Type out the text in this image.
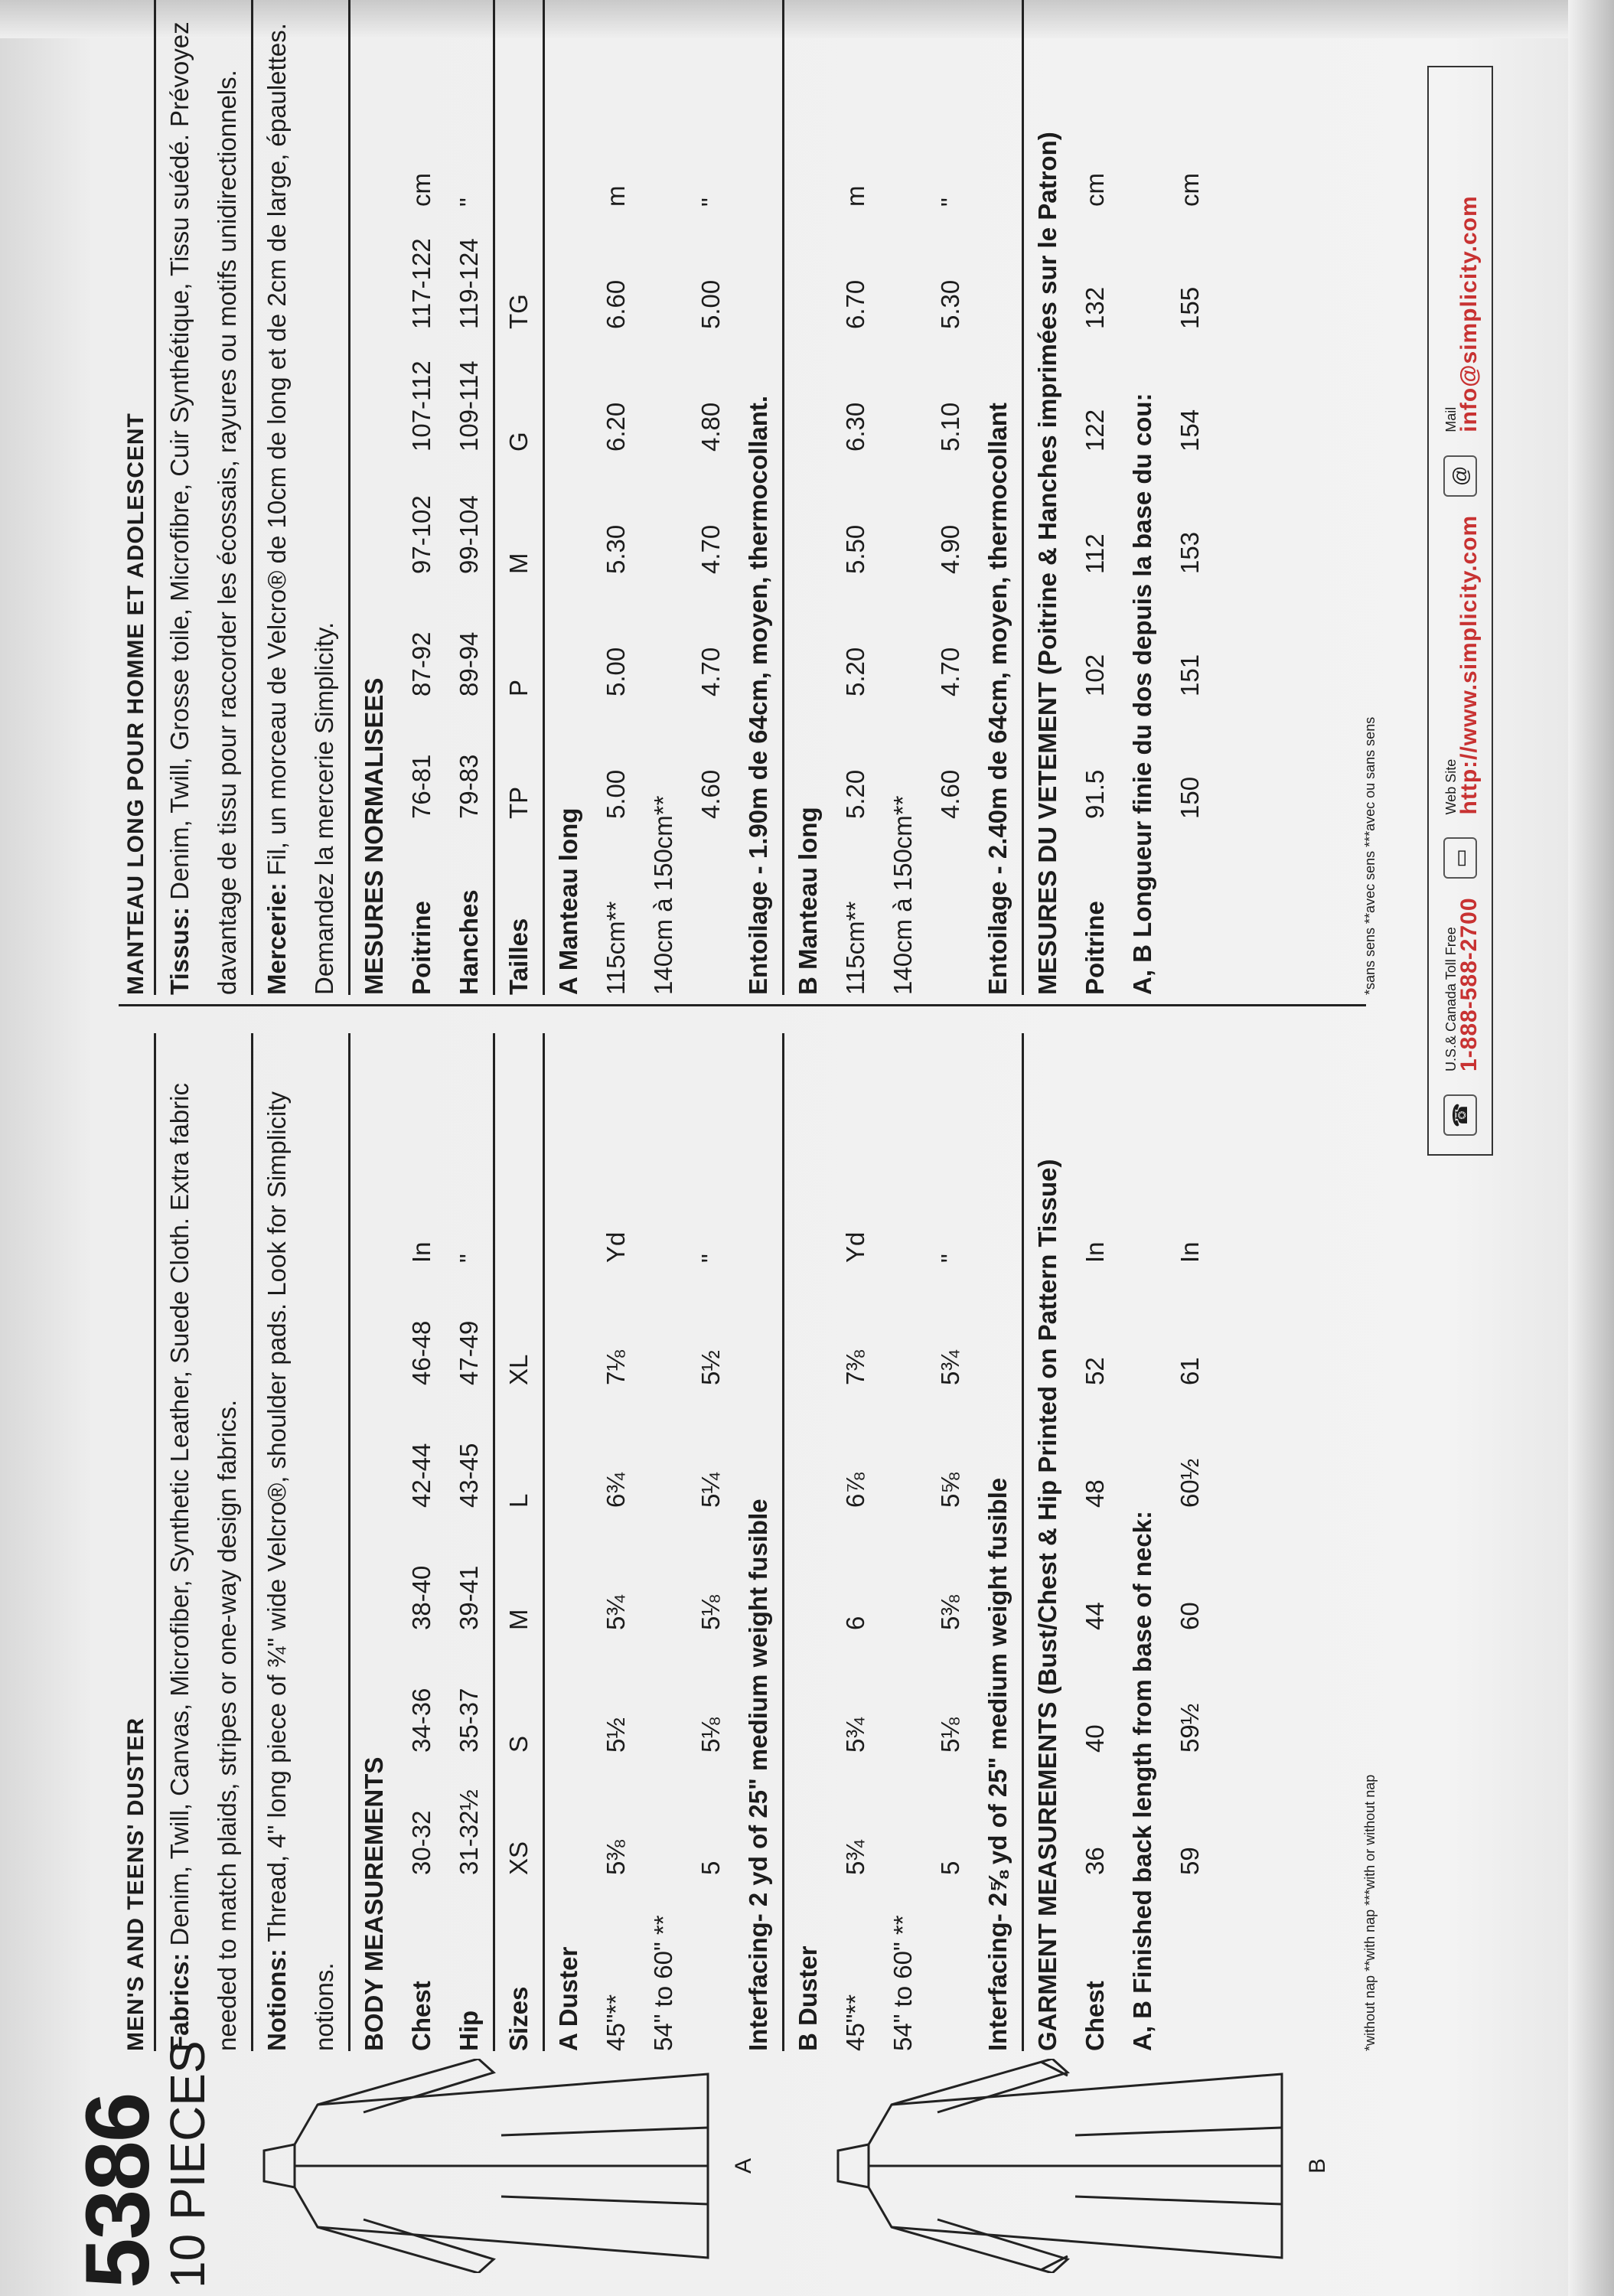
5386
10 PIECES	A	B
MEN'S AND TEENS' DUSTER Fabrics: Denim, Twill, Canvas, Microfiber, Synthetic Leather, Suede Cloth. Extra fabric needed to match plaids, stripes or one-way design fabrics. Notions: Thread, 4" long piece of ¾" wide Velcro®, shoulder pads. Look for Simplicity notions. BODY MEASUREMENTS Chest
30-32
34-36
38-40
42-44
46-48
In
Hip
31-32½
35-37
39-41
43-45
47-49
"
Sizes
XS
S
M
L
XL
A Duster 45"**
5⅜
5½
5¾
6¾
7⅛
Yd
54" to 60" **
5
5⅛
5⅛
5¼
5½
"
Interfacing- 2 yd of 25" medium weight fusible B Duster 45"**
5¾
5¾
6
6⅞
7⅜
Yd
54" to 60" **
5
5⅛
5⅜
5⅝
5¾
"
Interfacing- 2⅝ yd of 25" medium weight fusible GARMENT MEASUREMENTS (Bust/Chest & Hip Printed on Pattern Tissue) Chest
36
40
44
48
52
In
A, B Finished back length from base of neck: 59
59½
60
60½
61
In
*without nap **with nap ***with or without nap
MANTEAU LONG POUR HOMME ET ADOLESCENT Tissus: Denim, Twill, Grosse toile, Microfibre, Cuir Synthétique, Tissu suédé. Prévoyez davantage de tissu pour raccorder les écossais, rayures ou motifs unidirectionnels. Mercerie: Fil, un morceau de Velcro® de 10cm de long et de 2cm de large, épaulettes. Demandez la mercerie Simplicity. MESURES NORMALISEES Poitrine
76-81
87-92
97-102
107-112
117-122
cm
Hanches
79-83
89-94
99-104
109-114
119-124
"
Tailles
TP
P
M
G
TG
A Manteau long 115cm**
5.00
5.00
5.30
6.20
6.60
m
140cm à 150cm**
4.60
4.70
4.70
4.80
5.00
"
Entoilage - 1.90m de 64cm, moyen, thermocollant. B Manteau long 115cm**
5.20
5.20
5.50
6.30
6.70
m
140cm à 150cm**
4.60
4.70
4.90
5.10
5.30
"
Entoilage - 2.40m de 64cm, moyen, thermocollant MESURES DU VETEMENT (Poitrine & Hanches imprimées sur le Patron) Poitrine
91.5
102
112
122
132
cm
A, B Longueur finie du dos depuis la base du cou: 150
151
153
154
155
cm
*sans sens **avec sens ***avec ou sans sens
☎
U.S.& Canada Toll Free
1-888-588-2700
▭
Web Site
http://www.simplicity.com
@
Mail
info@simplicity.com
